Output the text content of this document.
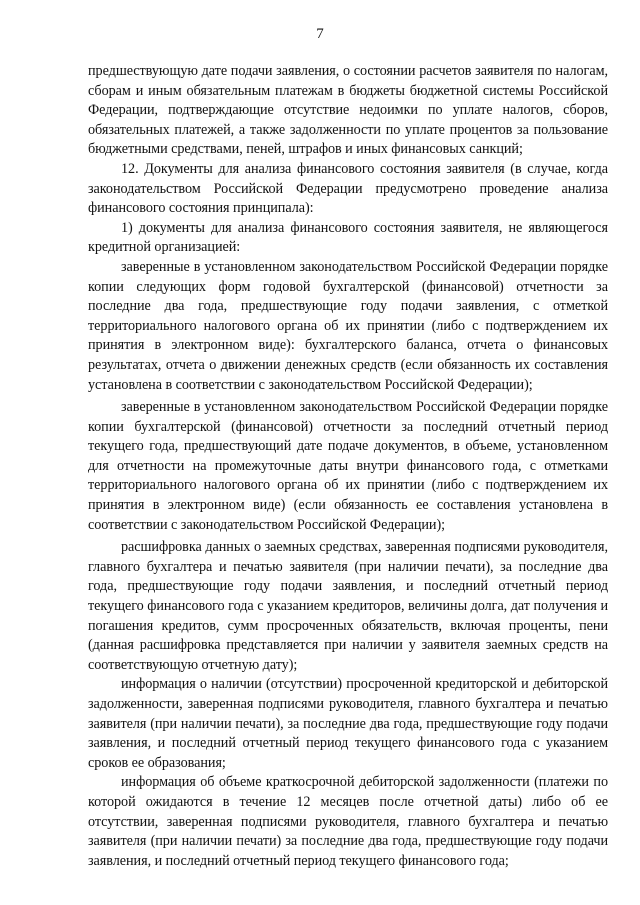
7

предшествующую дате подачи заявления, о состоянии расчетов заявителя по налогам, сборам и иным обязательным платежам в бюджеты бюджетной системы Российской Федерации, подтверждающие отсутствие недоимки по уплате налогов, сборов, обязательных платежей, а также задолженности по уплате процентов за пользование бюджетными средствами, пеней, штрафов и иных финансовых санкций;

12. Документы для анализа финансового состояния заявителя (в случае, когда законодательством Российской Федерации предусмотрено проведение анализа финансового состояния принципала):

1) документы для анализа финансового состояния заявителя, не являющегося кредитной организацией:

заверенные в установленном законодательством Российской Федерации порядке копии следующих форм годовой бухгалтерской (финансовой) отчетности за последние два года, предшествующие году подачи заявления, с отметкой территориального налогового органа об их принятии (либо с подтверждением их принятия в электронном виде): бухгалтерского баланса, отчета о финансовых результатах, отчета о движении денежных средств (если обязанность их составления установлена в соответствии с законодательством Российской Федерации);

заверенные в установленном законодательством Российской Федерации порядке копии бухгалтерской (финансовой) отчетности за последний отчетный период текущего года, предшествующий дате подаче документов, в объеме, установленном для отчетности на промежуточные даты внутри финансового года, с отметками территориального налогового органа об их принятии (либо с подтверждением их принятия в электронном виде) (если обязанность ее составления установлена в соответствии с законодательством Российской Федерации);

расшифровка данных о заемных средствах, заверенная подписями руководителя, главного бухгалтера и печатью заявителя (при наличии печати), за последние два года, предшествующие году подачи заявления, и последний отчетный период текущего финансового года с указанием кредиторов, величины долга, дат получения и погашения кредитов, сумм просроченных обязательств, включая проценты, пени (данная расшифровка представляется при наличии у заявителя заемных средств на соответствующую отчетную дату);

информация о наличии (отсутствии) просроченной кредиторской и дебиторской задолженности, заверенная подписями руководителя, главного бухгалтера и печатью заявителя (при наличии печати), за последние два года, предшествующие году подачи заявления, и последний отчетный период текущего финансового года с указанием сроков ее образования;

информация об объеме краткосрочной дебиторской задолженности (платежи по которой ожидаются в течение 12 месяцев после отчетной даты) либо об ее отсутствии, заверенная подписями руководителя, главного бухгалтера и печатью заявителя (при наличии печати) за последние два года, предшествующие году подачи заявления, и последний отчетный период текущего финансового года;
